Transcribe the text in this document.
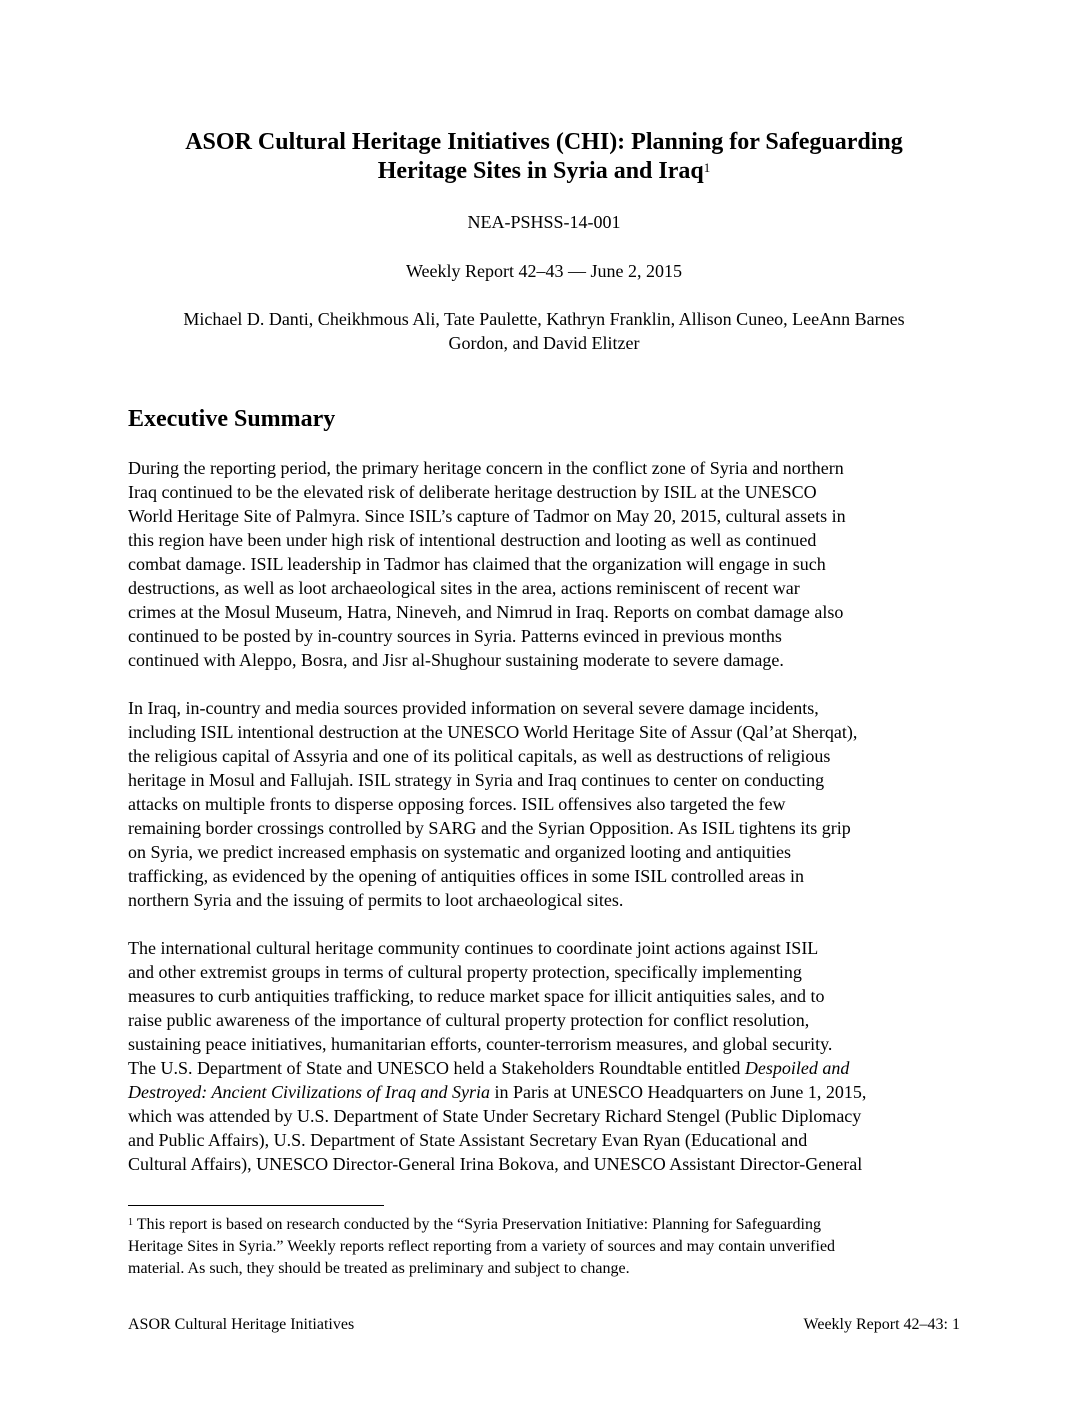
ASOR Cultural Heritage Initiatives (CHI): Planning for Safeguarding
Heritage Sites in Syria and Iraq$^1$
NEA-PSHSS-14-001
Weekly Report 42–43 — June 2, 2015
Michael D. Danti, Cheikhmous Ali, Tate Paulette, Kathryn Franklin, Allison Cuneo, LeeAnn Barnes
Gordon, and David Elitzer
Executive Summary
During the reporting period, the primary heritage concern in the conflict zone of Syria and northern
Iraq continued to be the elevated risk of deliberate heritage destruction by ISIL at the UNESCO
World Heritage Site of Palmyra. Since ISIL’s capture of Tadmor on May 20, 2015, cultural assets in
this region have been under high risk of intentional destruction and looting as well as continued
combat damage. ISIL leadership in Tadmor has claimed that the organization will engage in such
destructions, as well as loot archaeological sites in the area, actions reminiscent of recent war
crimes at the Mosul Museum, Hatra, Nineveh, and Nimrud in Iraq. Reports on combat damage also
continued to be posted by in-country sources in Syria. Patterns evinced in previous months
continued with Aleppo, Bosra, and Jisr al-Shughour sustaining moderate to severe damage.
In Iraq, in-country and media sources provided information on several severe damage incidents,
including ISIL intentional destruction at the UNESCO World Heritage Site of Assur (Qal’at Sherqat),
the religious capital of Assyria and one of its political capitals, as well as destructions of religious
heritage in Mosul and Fallujah. ISIL strategy in Syria and Iraq continues to center on conducting
attacks on multiple fronts to disperse opposing forces. ISIL offensives also targeted the few
remaining border crossings controlled by SARG and the Syrian Opposition. As ISIL tightens its grip
on Syria, we predict increased emphasis on systematic and organized looting and antiquities
trafficking, as evidenced by the opening of antiquities offices in some ISIL controlled areas in
northern Syria and the issuing of permits to loot archaeological sites.
The international cultural heritage community continues to coordinate joint actions against ISIL
and other extremist groups in terms of cultural property protection, specifically implementing
measures to curb antiquities trafficking, to reduce market space for illicit antiquities sales, and to
raise public awareness of the importance of cultural property protection for conflict resolution,
sustaining peace initiatives, humanitarian efforts, counter-terrorism measures, and global security.
The U.S. Department of State and UNESCO held a Stakeholders Roundtable entitled Despoiled and
Destroyed: Ancient Civilizations of Iraq and Syria in Paris at UNESCO Headquarters on June 1, 2015,
which was attended by U.S. Department of State Under Secretary Richard Stengel (Public Diplomacy
and Public Affairs), U.S. Department of State Assistant Secretary Evan Ryan (Educational and
Cultural Affairs), UNESCO Director-General Irina Bokova, and UNESCO Assistant Director-General
$^1$ This report is based on research conducted by the “Syria Preservation Initiative: Planning for Safeguarding
Heritage Sites in Syria.” Weekly reports reflect reporting from a variety of sources and may contain unverified
material. As such, they should be treated as preliminary and subject to change.
ASOR Cultural Heritage Initiatives	Weekly Report 42–43: 1
